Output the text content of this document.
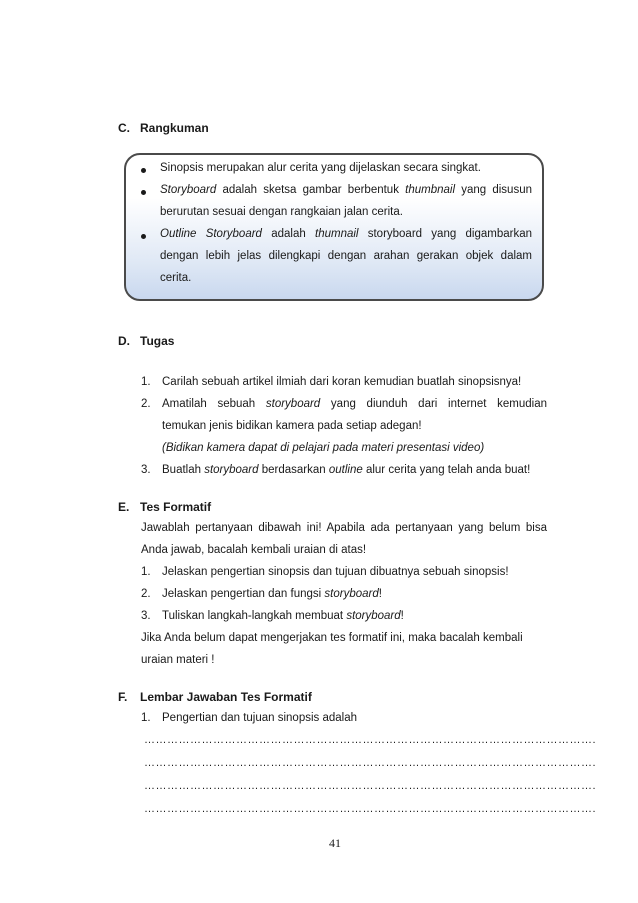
C. Rangkuman
Sinopsis merupakan alur cerita yang dijelaskan secara singkat.
Storyboard adalah sketsa gambar berbentuk thumbnail yang disusun
berurutan sesuai dengan rangkaian jalan cerita.
Outline Storyboard adalah thumnail storyboard yang digambarkan
dengan lebih jelas dilengkapi dengan arahan gerakan objek dalam
cerita.
D. Tugas
1. Carilah sebuah artikel ilmiah dari koran kemudian buatlah sinopsisnya!
2. Amatilah sebuah storyboard yang diunduh dari internet kemudian
temukan jenis bidikan kamera pada setiap adegan!
(Bidikan kamera dapat di pelajari pada materi presentasi video)
3. Buatlah storyboard berdasarkan outline alur cerita yang telah anda buat!
E. Tes Formatif
Jawablah pertanyaan dibawah ini! Apabila ada pertanyaan yang belum bisa
Anda jawab, bacalah kembali uraian di atas!
1. Jelaskan pengertian sinopsis dan tujuan dibuatnya sebuah sinopsis!
2. Jelaskan pengertian dan fungsi storyboard!
3. Tuliskan langkah-langkah membuat storyboard!
Jika Anda belum dapat mengerjakan tes formatif ini, maka bacalah kembali
uraian materi !
F. Lembar Jawaban Tes Formatif
1. Pengertian dan tujuan sinopsis adalah
……………………………………………………………………………………………………….
……………………………………………………………………………………………………….
……………………………………………………………………………………………………….
……………………………………………………………………………………………………….
41
